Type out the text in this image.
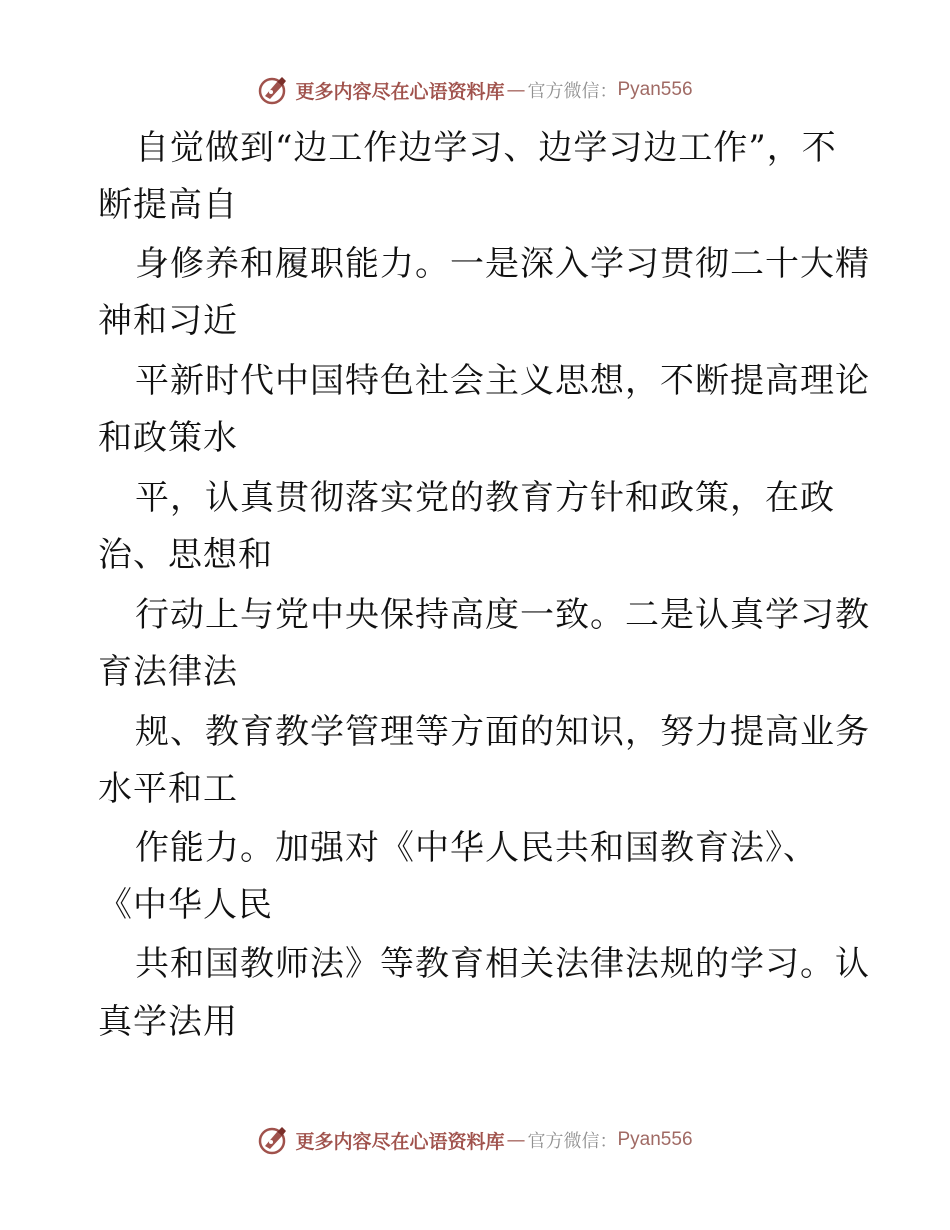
更多内容尽在心语资料库 — 官方微信： Pyan556
自觉做到“边工作边学习、边学习边工作”，不
断提高自
身修养和履职能力。一是深入学习贯彻二十大精
神和习近
平新时代中国特色社会主义思想，不断提高理论
和政策水
平，认真贯彻落实党的教育方针和政策，在政
治、思想和
行动上与党中央保持高度一致。二是认真学习教
育法律法
规、教育教学管理等方面的知识，努力提高业务
水平和工
作能力。加强对《中华人民共和国教育法》、
《中华人民
共和国教师法》等教育相关法律法规的学习。认
真学法用
更多内容尽在心语资料库 — 官方微信： Pyan556
